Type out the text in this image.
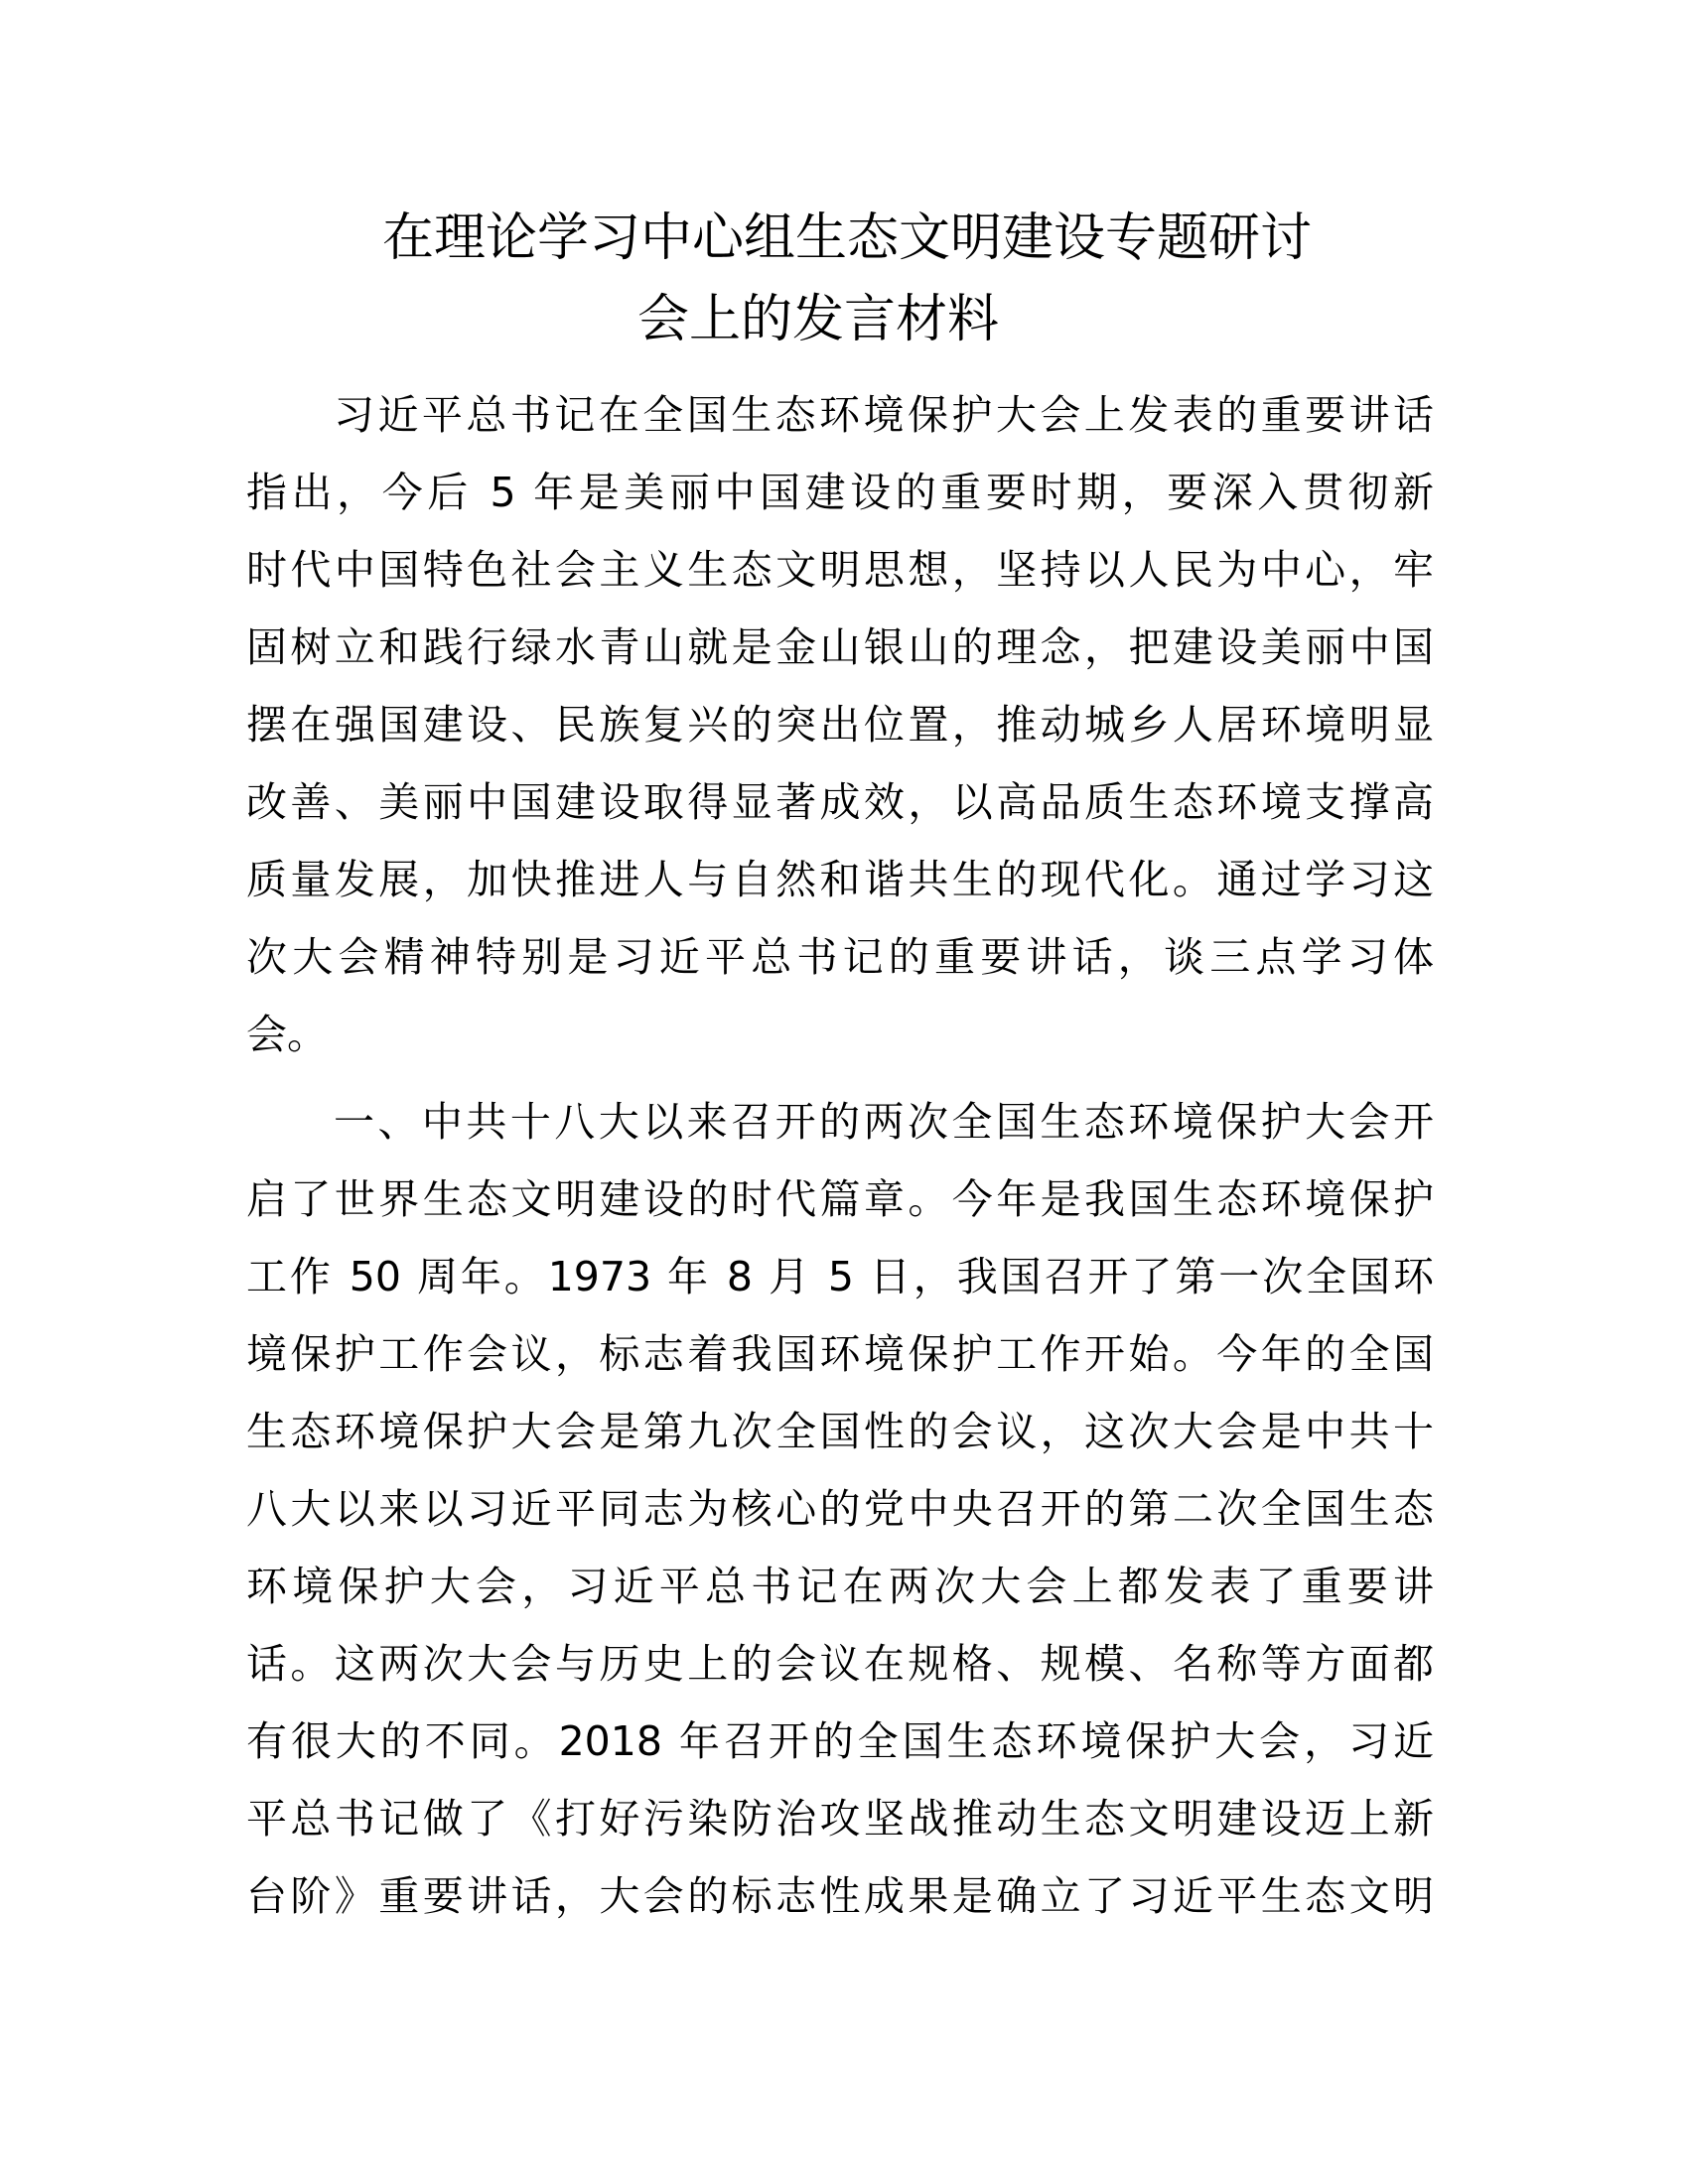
在理论学习中心组生态文明建设专题研讨
会上的发言材料
习近平总书记在全国生态环境保护大会上发表的重要讲话
指出，今后 5 年是美丽中国建设的重要时期，要深入贯彻新
时代中国特色社会主义生态文明思想，坚持以人民为中心，牢
固树立和践行绿水青山就是金山银山的理念，把建设美丽中国
摆在强国建设、民族复兴的突出位置，推动城乡人居环境明显
改善、美丽中国建设取得显著成效，以高品质生态环境支撑高
质量发展，加快推进人与自然和谐共生的现代化。通过学习这
次大会精神特别是习近平总书记的重要讲话，谈三点学习体
会。
一、中共十八大以来召开的两次全国生态环境保护大会开
启了世界生态文明建设的时代篇章。今年是我国生态环境保护
工作 50 周年。1973 年 8 月 5 日，我国召开了第一次全国环
境保护工作会议，标志着我国环境保护工作开始。今年的全国
生态环境保护大会是第九次全国性的会议，这次大会是中共十
八大以来以习近平同志为核心的党中央召开的第二次全国生态
环境保护大会，习近平总书记在两次大会上都发表了重要讲
话。这两次大会与历史上的会议在规格、规模、名称等方面都
有很大的不同。2018 年召开的全国生态环境保护大会，习近
平总书记做了《打好污染防治攻坚战推动生态文明建设迈上新
台阶》重要讲话，大会的标志性成果是确立了习近平生态文明
